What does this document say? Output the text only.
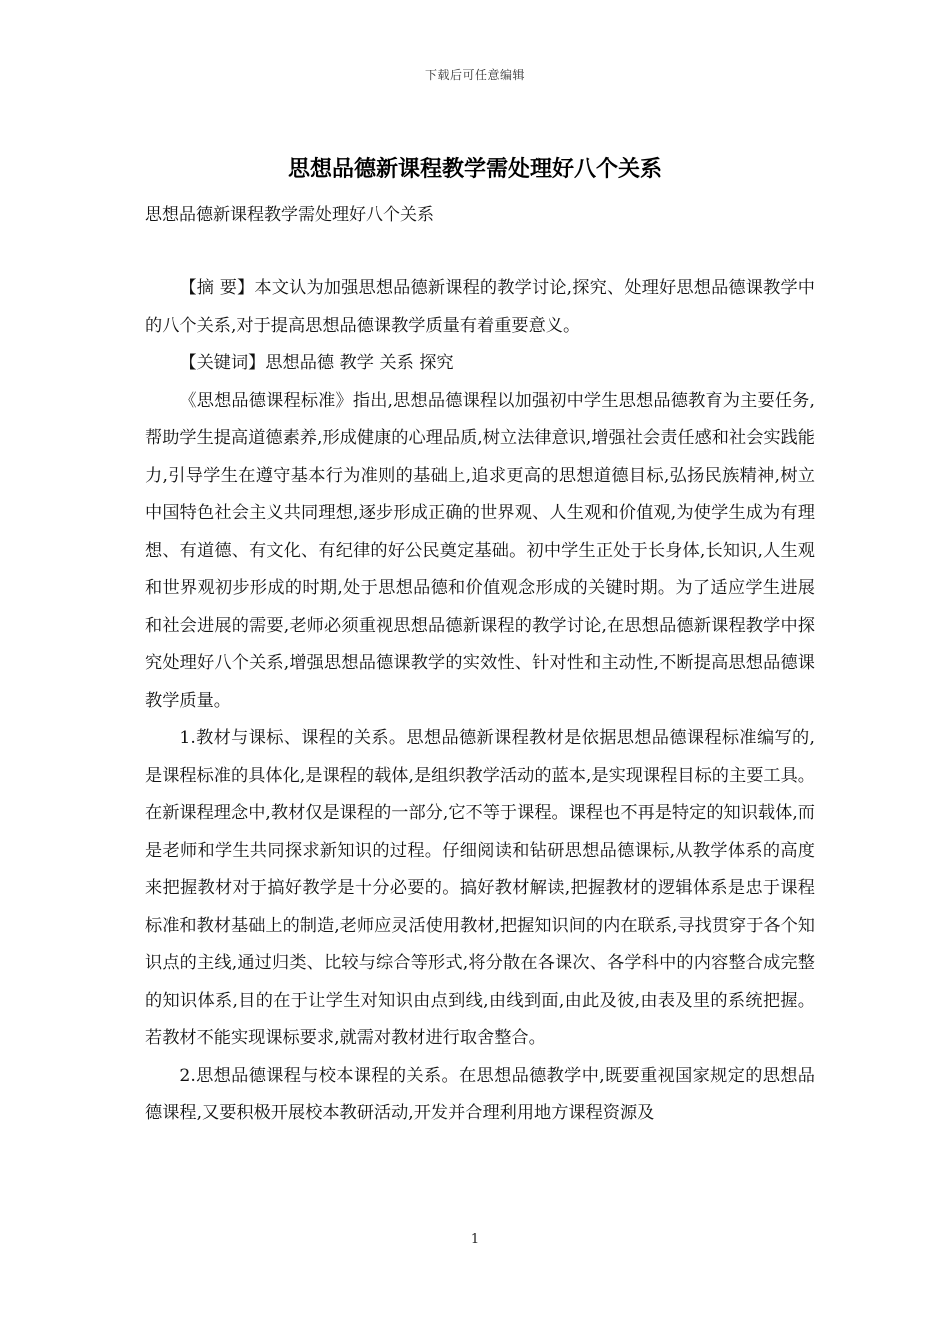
下载后可任意编辑
思想品德新课程教学需处理好八个关系
思想品德新课程教学需处理好八个关系

【摘 要】本文认为加强思想品德新课程的教学讨论,探究、处理好思想品德课教学中的八个关系,对于提高思想品德课教学质量有着重要意义。

【关键词】思想品德 教学 关系 探究

《思想品德课程标准》指出,思想品德课程以加强初中学生思想品德教育为主要任务,帮助学生提高道德素养,形成健康的心理品质,树立法律意识,增强社会责任感和社会实践能力,引导学生在遵守基本行为准则的基础上,追求更高的思想道德目标,弘扬民族精神,树立中国特色社会主义共同理想,逐步形成正确的世界观、人生观和价值观,为使学生成为有理想、有道德、有文化、有纪律的好公民奠定基础。初中学生正处于长身体,长知识,人生观和世界观初步形成的时期,处于思想品德和价值观念形成的关键时期。为了适应学生进展和社会进展的需要,老师必须重视思想品德新课程的教学讨论,在思想品德新课程教学中探究处理好八个关系,增强思想品德课教学的实效性、针对性和主动性,不断提高思想品德课教学质量。

1.教材与课标、课程的关系。思想品德新课程教材是依据思想品德课程标准编写的,是课程标准的具体化,是课程的载体,是组织教学活动的蓝本,是实现课程目标的主要工具。在新课程理念中,教材仅是课程的一部分,它不等于课程。课程也不再是特定的知识载体,而是老师和学生共同探求新知识的过程。仔细阅读和钻研思想品德课标,从教学体系的高度来把握教材对于搞好教学是十分必要的。搞好教材解读,把握教材的逻辑体系是忠于课程标准和教材基础上的制造,老师应灵活使用教材,把握知识间的内在联系,寻找贯穿于各个知识点的主线,通过归类、比较与综合等形式,将分散在各课次、各学科中的内容整合成完整的知识体系,目的在于让学生对知识由点到线,由线到面,由此及彼,由表及里的系统把握。若教材不能实现课标要求,就需对教材进行取舍整合。

2.思想品德课程与校本课程的关系。在思想品德教学中,既要重视国家规定的思想品德课程,又要积极开展校本教研活动,开发并合理利用地方课程资源及

1
